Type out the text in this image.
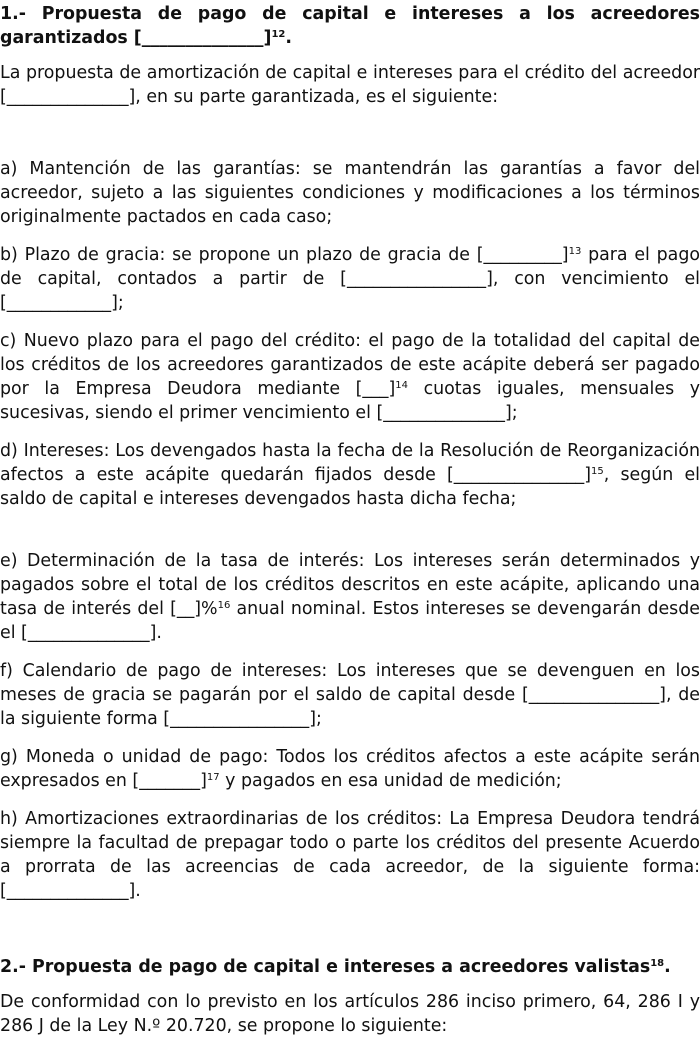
1.- Propuesta de pago de capital e intereses a los acreedores garantizados [______________]$^{12}$.
La propuesta de amortización de capital e intereses para el crédito del acreedor [______________], en su parte garantizada, es el siguiente:
a) Mantención de las garantías: se mantendrán las garantías a favor del acreedor, sujeto a las siguientes condiciones y modificaciones a los términos originalmente pactados en cada caso;
b) Plazo de gracia: se propone un plazo de gracia de [_________]$^{13}$ para el pago de capital, contados a partir de [________________], con vencimiento el [____________];
c) Nuevo plazo para el pago del crédito: el pago de la totalidad del capital de los créditos de los acreedores garantizados de este acápite deberá ser pagado por la Empresa Deudora mediante [___]$^{14}$ cuotas iguales, mensuales y sucesivas, siendo el primer vencimiento el [______________];
d) Intereses: Los devengados hasta la fecha de la Resolución de Reorganización afectos a este acápite quedarán fijados desde [_______________]$^{15}$, según el saldo de capital e intereses devengados hasta dicha fecha;
e) Determinación de la tasa de interés: Los intereses serán determinados y pagados sobre el total de los créditos descritos en este acápite, aplicando una tasa de interés del [__]%$^{16}$ anual nominal. Estos intereses se devengarán desde el [______________].
f) Calendario de pago de intereses: Los intereses que se devenguen en los meses de gracia se pagarán por el saldo de capital desde [_______________], de la siguiente forma [________________];
g) Moneda o unidad de pago: Todos los créditos afectos a este acápite serán expresados en [_______]$^{17}$ y pagados en esa unidad de medición;
h) Amortizaciones extraordinarias de los créditos: La Empresa Deudora tendrá siempre la facultad de prepagar todo o parte los créditos del presente Acuerdo a prorrata de las acreencias de cada acreedor, de la siguiente forma: [______________].
2.- Propuesta de pago de capital e intereses a acreedores valistas$^{18}$.
De conformidad con lo previsto en los artículos 286 inciso primero, 64, 286 I y 286 J de la Ley N.º 20.720, se propone lo siguiente:
